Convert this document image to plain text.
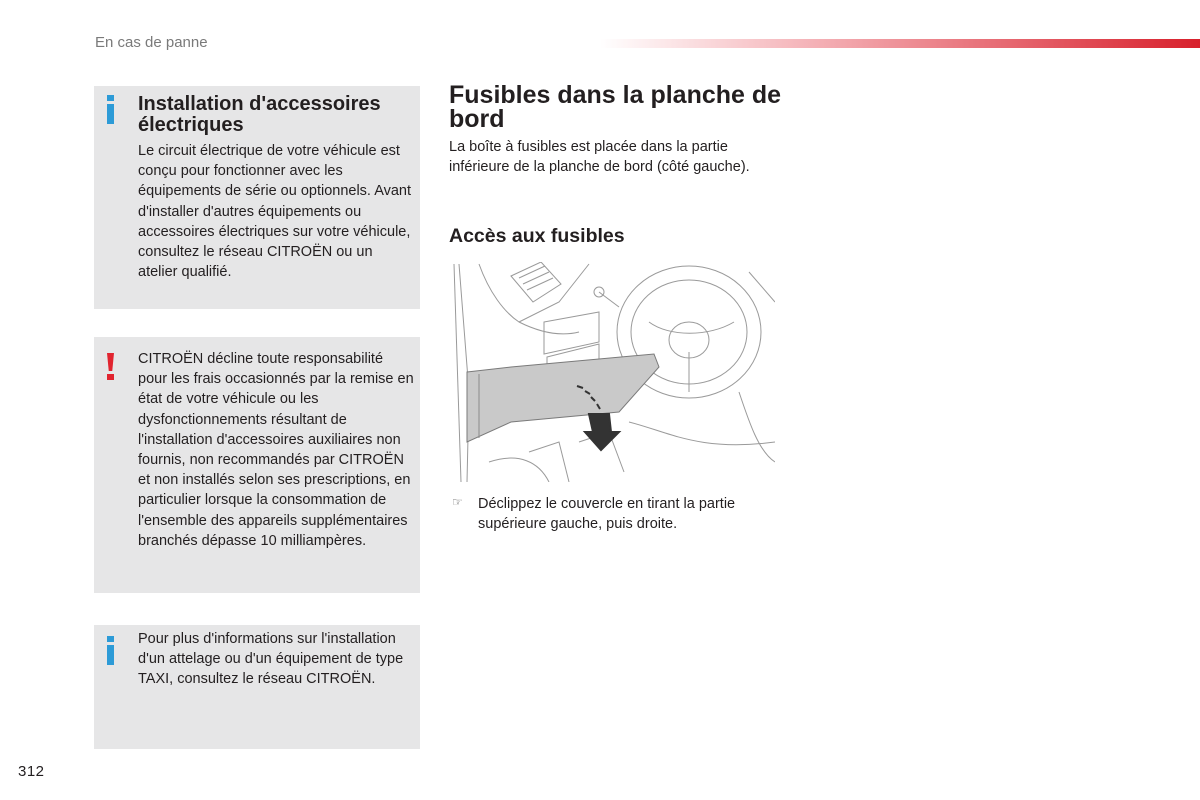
En cas de panne
Installation d'accessoires électriques
Le circuit électrique de votre véhicule est conçu pour fonctionner avec les équipements de série ou optionnels. Avant d'installer d'autres équipements ou accessoires électriques sur votre véhicule, consultez le réseau CITROËN ou un atelier qualifié.
CITROËN décline toute responsabilité pour les frais occasionnés par la remise en état de votre véhicule ou les dysfonctionnements résultant de l'installation d'accessoires auxiliaires non fournis, non recommandés par CITROËN et non installés selon ses prescriptions, en particulier lorsque la consommation de l'ensemble des appareils supplémentaires branchés dépasse 10 milliampères.
Pour plus d'informations sur l'installation d'un attelage ou d'un équipement de type TAXI, consultez le réseau CITROËN.
Fusibles dans la planche de bord
La boîte à fusibles est placée dans la partie inférieure de la planche de bord (côté gauche).
Accès aux fusibles
☞ Déclippez le couvercle en tirant la partie supérieure gauche, puis droite.
312
